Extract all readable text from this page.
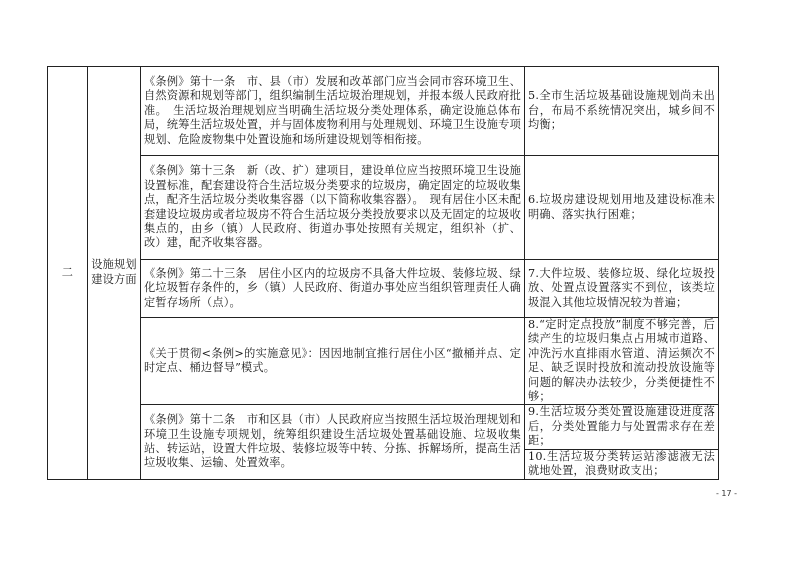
二	设施规划建设方面	《条例》第十一条　市、县（市）发展和改革部门应当会同市容环境卫生、自然资源和规划等部门，组织编制生活垃圾治理规划，并报本级人民政府批准。　生活垃圾治理规划应当明确生活垃圾分类处理体系，确定设施总体布局，统筹生活垃圾处置，并与固体废物利用与处理规划、环境卫生设施专项规划、危险废物集中处置设施和场所建设规划等相衔接。	5.全市生活垃圾基础设施规划尚未出台，布局不系统情况突出，城乡间不均衡；

		《条例》第十三条　新（改、扩）建项目，建设单位应当按照环境卫生设施设置标准，配套建设符合生活垃圾分类要求的垃圾房，确定固定的垃圾收集点，配齐生活垃圾分类收集容器（以下简称收集容器）。　现有居住小区未配套建设垃圾房或者垃圾房不符合生活垃圾分类投放要求以及无固定的垃圾收集点的，由乡（镇）人民政府、街道办事处按照有关规定，组织补（扩、改）建，配齐收集容器。	6.垃圾房建设规划用地及建设标准未明确、落实执行困难；

		《条例》第二十三条　居住小区内的垃圾房不具备大件垃圾、装修垃圾、绿化垃圾暂存条件的，乡（镇）人民政府、街道办事处应当组织管理责任人确定暂存场所（点）。	7.大件垃圾、装修垃圾、绿化垃圾投放、处置点设置落实不到位，该类垃圾混入其他垃圾情况较为普遍；

		《关于贯彻<条例>的实施意见》：因因地制宜推行居住小区“撤桶并点、定时定点、桶边督导”模式。	8.“定时定点投放”制度不够完善，后续产生的垃圾归集点占用城市道路、冲洗污水直排雨水管道、清运频次不足、缺乏误时投放和流动投放设施等问题的解决办法较少，分类便捷性不够；

		《条例》第十二条　市和区县（市）人民政府应当按照生活垃圾治理规划和环境卫生设施专项规划，统筹组织建设生活垃圾处置基础设施、垃圾收集站、转运站，设置大件垃圾、装修垃圾等中转、分拣、拆解场所，提高生活垃圾收集、运输、处置效率。	9.生活垃圾分类处置设施建设进度落后，分类处置能力与处置需求存在差距；

			10.生活垃圾分类转运站渗滤液无法就地处置，浪费财政支出；
- 17 -
